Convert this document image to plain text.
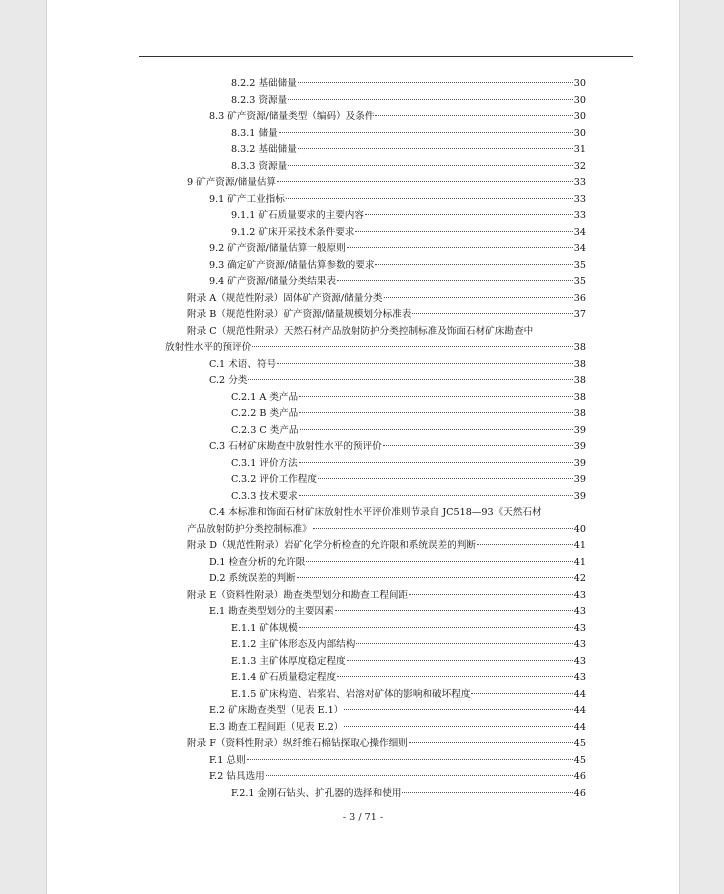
8.2.2 基础储量	30
8.2.3 资源量	30
8.3 矿产资源/储量类型（编码）及条件	30
8.3.1 储量	30
8.3.2 基础储量	31
8.3.3 资源量	32
9 矿产资源/储量估算	33
9.1 矿产工业指标	33
9.1.1 矿石质量要求的主要内容	33
9.1.2 矿床开采技术条件要求	34
9.2 矿产资源/储量估算一般原则	34
9.3 确定矿产资源/储量估算参数的要求	35
9.4 矿产资源/储量分类结果表	35
附录 A（规范性附录）固体矿产资源/储量分类	36
附录 B（规范性附录）矿产资源/储量规模划分标准表	37
附录 C（规范性附录）天然石材产品放射防护分类控制标准及饰面石材矿床勘查中
放射性水平的预评价	38
C.1 术语、符号	38
C.2 分类	38
C.2.1 A 类产品	38
C.2.2 B 类产品	38
C.2.3 C 类产品	39
C.3 石材矿床勘查中放射性水平的预评价	39
C.3.1 评价方法	39
C.3.2 评价工作程度	39
C.3.3 技术要求	39
C.4 本标准和饰面石材矿床放射性水平评价准则节录自 JC518—93《天然石材
产品放射防护分类控制标准》	40
附录 D（规范性附录）岩矿化学分析检查的允许限和系统误差的判断	41
D.1 检查分析的允许限	41
D.2 系统误差的判断	42
附录 E（资料性附录）勘查类型划分和勘查工程间距	43
E.1 勘查类型划分的主要因素	43
E.1.1 矿体规模	43
E.1.2 主矿体形态及内部结构	43
E.1.3 主矿体厚度稳定程度	43
E.1.4 矿石质量稳定程度	43
E.1.5 矿床构造、岩浆岩、岩溶对矿体的影响和破坏程度	44
E.2 矿床勘查类型（见表 E.1）	44
E.3 勘查工程间距（见表 E.2）	44
附录 F（资料性附录）纵纤维石棉钻探取心操作细则	45
F.1 总则	45
F.2 钻具选用	46
F.2.1 金刚石钻头、扩孔器的选择和使用	46
- 3 / 71 -
